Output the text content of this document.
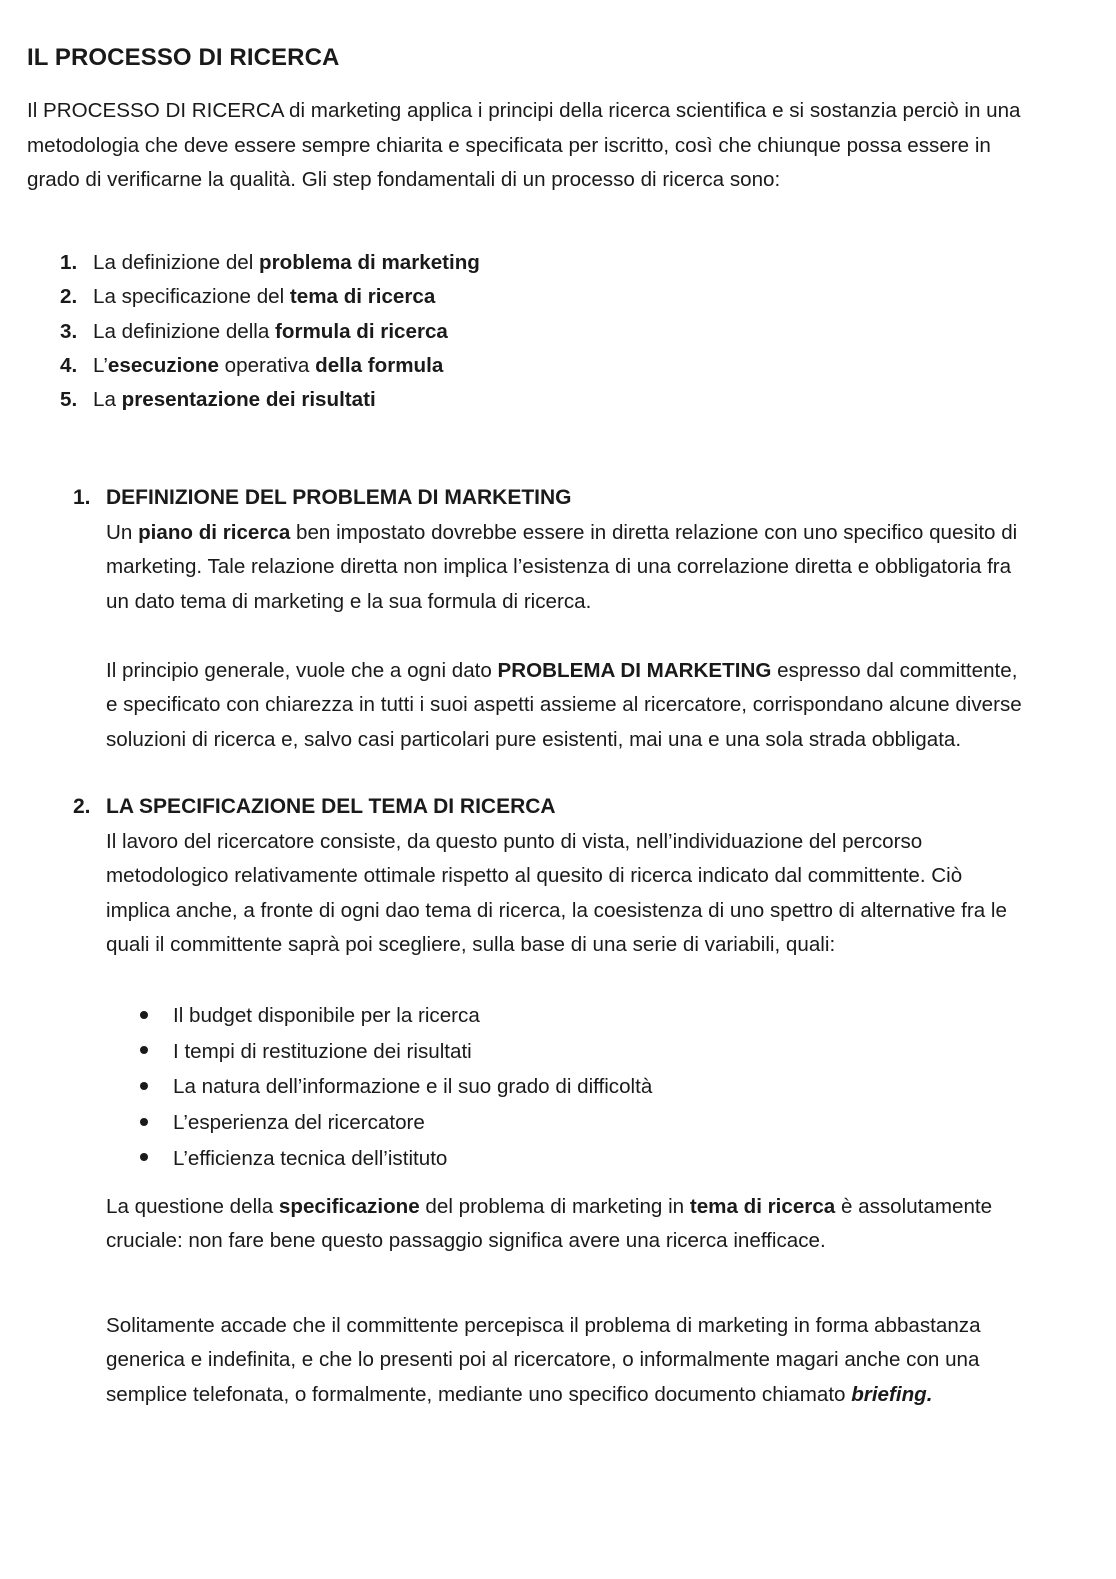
IL PROCESSO DI RICERCA

Il PROCESSO DI RICERCA di marketing applica i principi della ricerca scientifica e si sostanzia perciò in una metodologia che deve essere sempre chiarita e specificata per iscritto, così che chiunque possa essere in grado di verificarne la qualità. Gli step fondamentali di un processo di ricerca sono:

1. La definizione del problema di marketing
2. La specificazione del tema di ricerca
3. La definizione della formula di ricerca
4. L’esecuzione operativa della formula
5. La presentazione dei risultati
1. DEFINIZIONE DEL PROBLEMA DI MARKETING

Un piano di ricerca ben impostato dovrebbe essere in diretta relazione con uno specifico quesito di marketing. Tale relazione diretta non implica l’esistenza di una correlazione diretta e obbligatoria fra un dato tema di marketing e la sua formula di ricerca.

Il principio generale, vuole che a ogni dato PROBLEMA DI MARKETING espresso dal committente, e specificato con chiarezza in tutti i suoi aspetti assieme al ricercatore, corrispondano alcune diverse soluzioni di ricerca e, salvo casi particolari pure esistenti, mai una e una sola strada obbligata.

2. LA SPECIFICAZIONE DEL TEMA DI RICERCA

Il lavoro del ricercatore consiste, da questo punto di vista, nell’individuazione del percorso metodologico relativamente ottimale rispetto al quesito di ricerca indicato dal committente. Ciò implica anche, a fronte di ogni dao tema di ricerca, la coesistenza di uno spettro di alternative fra le quali il committente saprà poi scegliere, sulla base di una serie di variabili, quali:

Il budget disponibile per la ricerca
I tempi di restituzione dei risultati
La natura dell’informazione e il suo grado di difficoltà
L’esperienza del ricercatore
L’efficienza tecnica dell’istituto

La questione della specificazione del problema di marketing in tema di ricerca è assolutamente cruciale: non fare bene questo passaggio significa avere una ricerca inefficace.

Solitamente accade che il committente percepisca il problema di marketing in forma abbastanza generica e indefinita, e che lo presenti poi al ricercatore, o informalmente magari anche con una semplice telefonata, o formalmente, mediante uno specifico documento chiamato briefing.
